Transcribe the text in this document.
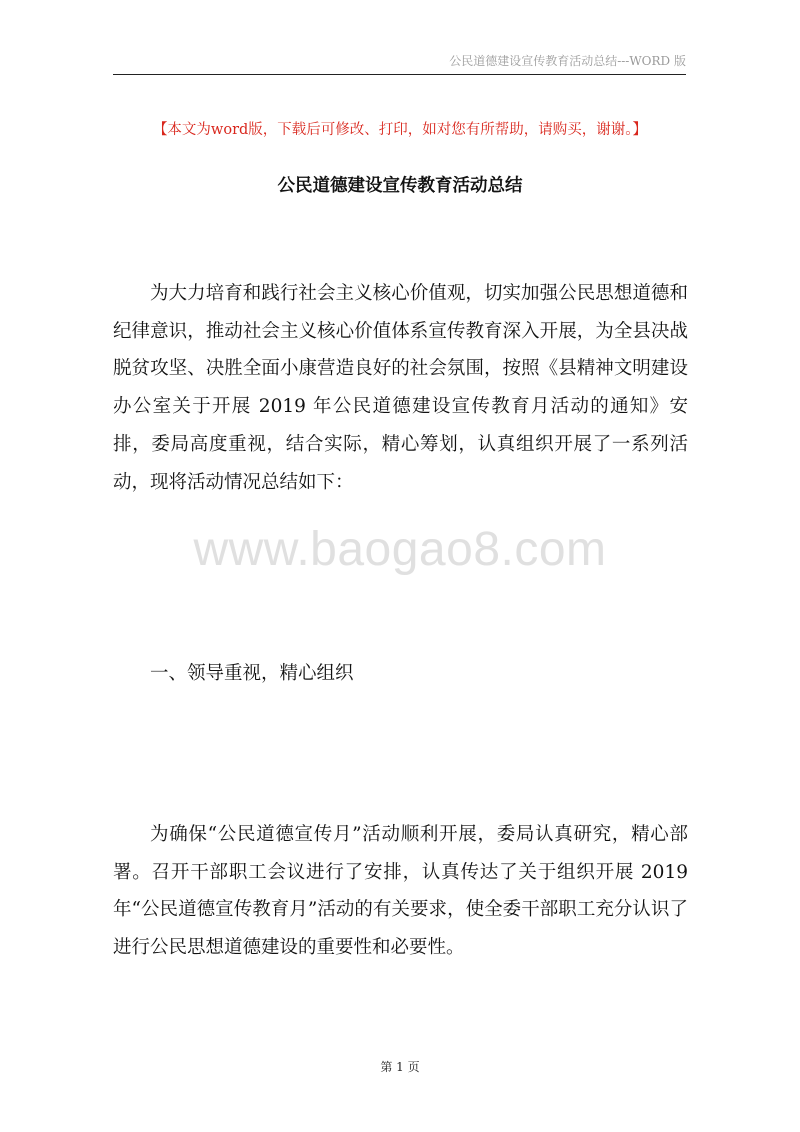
公民道德建设宣传教育活动总结---WORD 版
【本文为word版，下载后可修改、打印，如对您有所帮助，请购买，谢谢。】
公民道德建设宣传教育活动总结

为大力培育和践行社会主义核心价值观，切实加强公民思想道德和纪律意识，推动社会主义核心价值体系宣传教育深入开展，为全县决战脱贫攻坚、决胜全面小康营造良好的社会氛围，按照《县精神文明建设办公室关于开展 2019 年公民道德建设宣传教育月活动的通知》安排，委局高度重视，结合实际，精心筹划，认真组织开展了一系列活动，现将活动情况总结如下：

www.baogao8.com

一、领导重视，精心组织

为确保“公民道德宣传月”活动顺利开展，委局认真研究，精心部署。召开干部职工会议进行了安排，认真传达了关于组织开展 2019 年“公民道德宣传教育月”活动的有关要求，使全委干部职工充分认识了进行公民思想道德建设的重要性和必要性。

第 1 页
